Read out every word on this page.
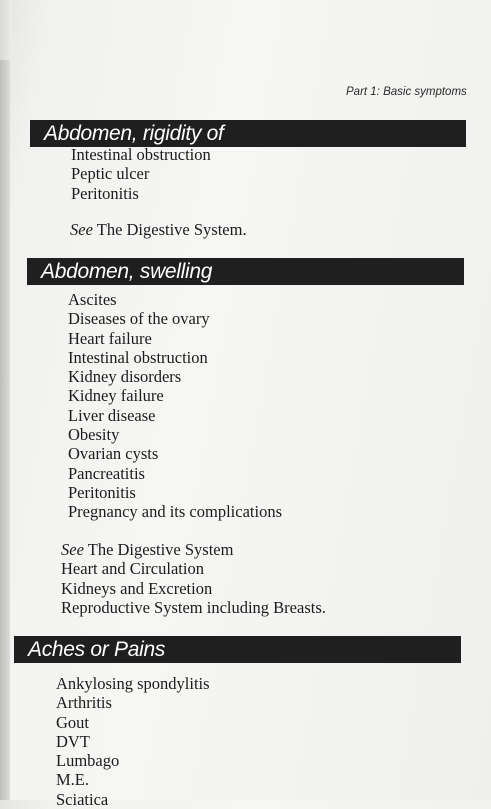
Part 1: Basic symptoms
Abdomen, rigidity of
Intestinal obstruction
Peptic ulcer
Peritonitis
See The Digestive System.
Abdomen, swelling
Ascites
Diseases of the ovary
Heart failure
Intestinal obstruction
Kidney disorders
Kidney failure
Liver disease
Obesity
Ovarian cysts
Pancreatitis
Peritonitis
Pregnancy and its complications
See The Digestive System
Heart and Circulation
Kidneys and Excretion
Reproductive System including Breasts.
Aches or Pains
Ankylosing spondylitis
Arthritis
Gout
DVT
Lumbago
M.E.
Sciatica
